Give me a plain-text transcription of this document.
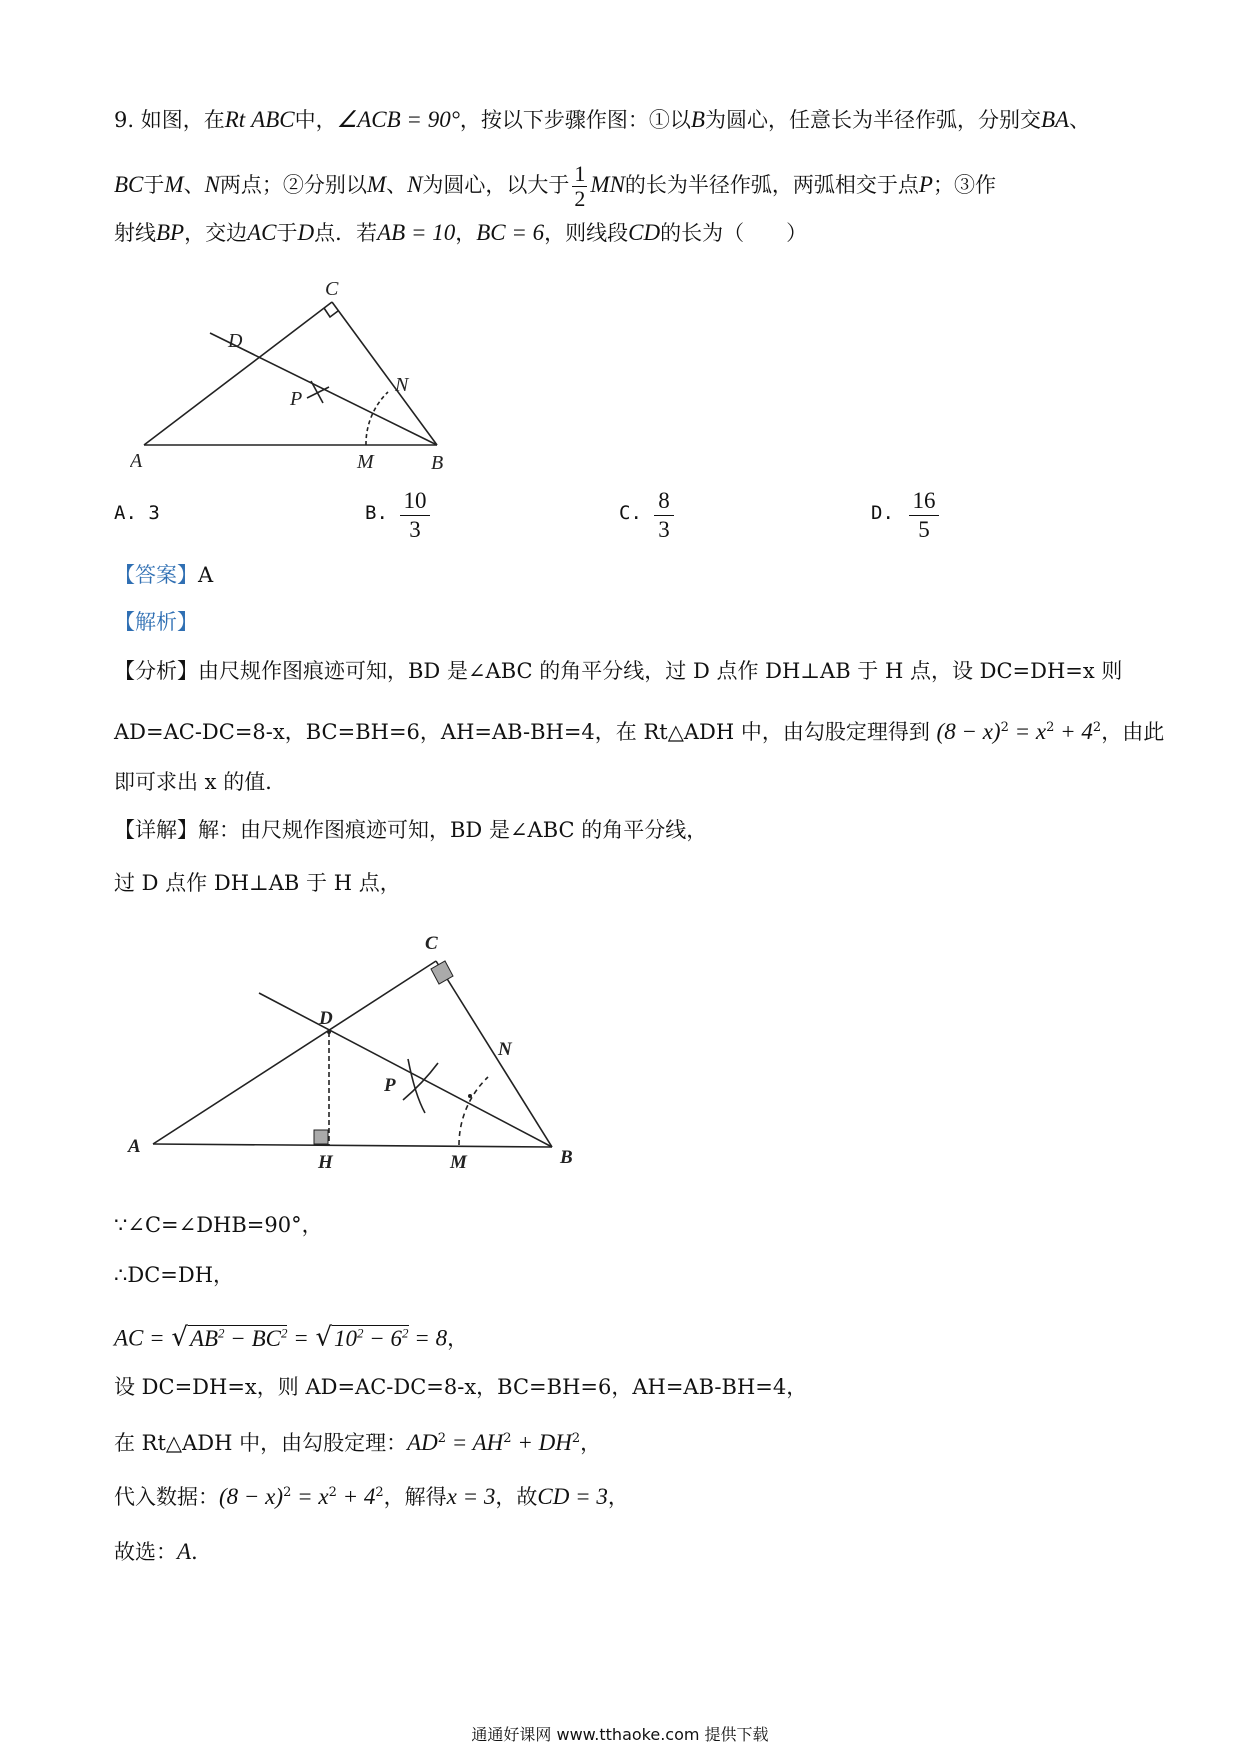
9. 如图，在Rt ABC中，∠ACB = 90°，按以下步骤作图：①以B为圆心，任意长为半径作弧，分别交BA、
BC于M、N两点；②分别以M、N为圆心，以大于 $\frac{1}{2}$ MN的长为半径作弧，两弧相交于点P；③作
射线BP，交边AC于D点．若AB = 10，BC = 6，则线段CD的长为（　　）
C
D
P
N
A	M	B
A. 3	B. $\frac{10}{3}$	C. $\frac{8}{3}$	D. $\frac{16}{5}$
【答案】A
【解析】
【分析】由尺规作图痕迹可知，BD 是∠ABC 的角平分线，过 D 点作 DH⊥AB 于 H 点，设 DC=DH=x 则
AD=AC-DC=8-x，BC=BH=6，AH=AB-BH=4，在 Rt△ADH 中，由勾股定理得到 $(8 - x)^2 = x^2 + 4^2$，由此
即可求出 x 的值．
【详解】解：由尺规作图痕迹可知，BD 是∠ABC 的角平分线，
过 D 点作 DH⊥AB 于 H 点，
C
D
P
N
A
H	M	B
∵∠C=∠DHB=90°，
∴DC=DH，
AC = $√AB^2 - BC^2 = √10^2 - 6^2 = 8$，
设 DC=DH=x，则 AD=AC-DC=8-x，BC=BH=6，AH=AB-BH=4，
在 Rt△ADH 中，由勾股定理：$AD^2 = AH^2 + DH^2$，
代入数据：$(8 - x)^2 = x^2 + 4^2$，解得x = 3，故CD = 3，
故选：A．
通通好课网 www.tthaoke.com 提供下载
